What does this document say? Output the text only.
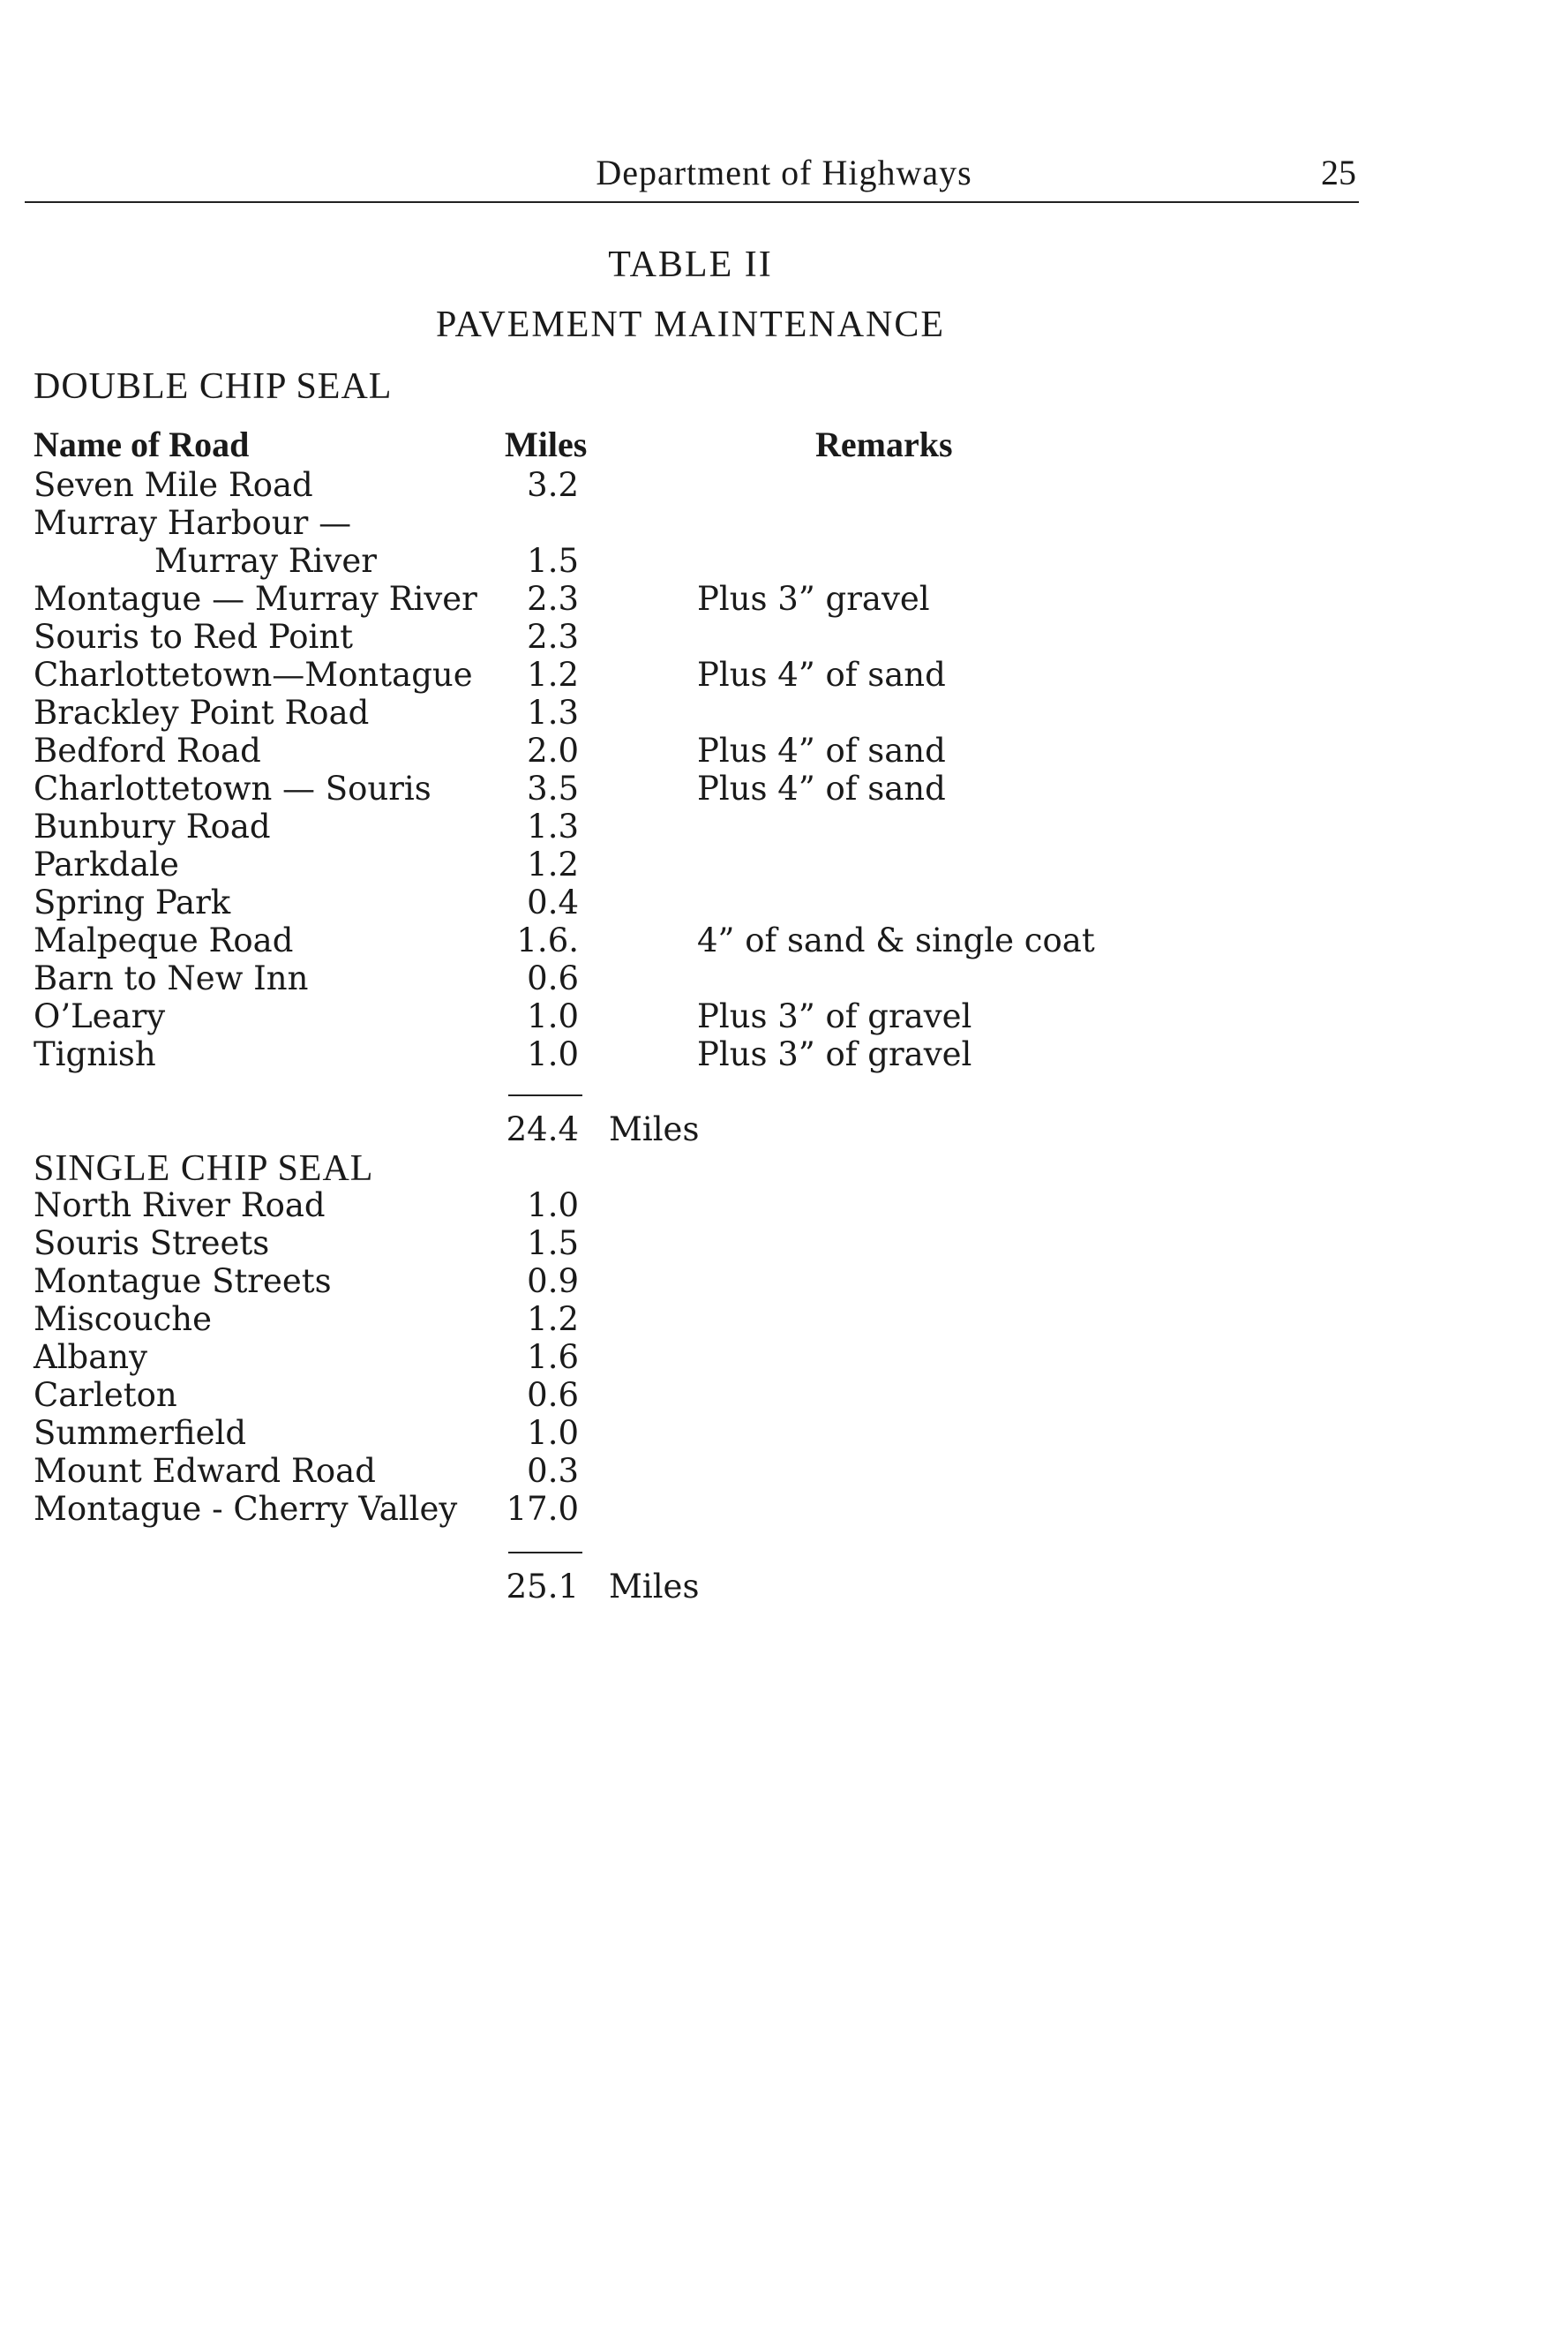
Department of Highways	25
TABLE II
PAVEMENT MAINTENANCE
DOUBLE CHIP SEAL
Name of Road	Miles	Remarks
Seven Mile Road	3.2
Murray Harbour —
Murray River	1.5
Montague — Murray River	2.3	Plus 3” gravel
Souris to Red Point	2.3
Charlottetown—Montague	1.2	Plus 4” of sand
Brackley Point Road	1.3
Bedford Road	2.0	Plus 4” of sand
Charlottetown — Souris	3.5	Plus 4” of sand
Bunbury Road	1.3
Parkdale	1.2
Spring Park	0.4
Malpeque Road	1.6.	4” of sand & single coat
Barn to New Inn	0.6
O’Leary	1.0	Plus 3” of gravel
Tignish	1.0	Plus 3” of gravel
24.4 Miles
SINGLE CHIP SEAL
North River Road	1.0
Souris Streets	1.5
Montague Streets	0.9
Miscouche	1.2
Albany	1.6
Carleton	0.6
Summerfield	1.0
Mount Edward Road	0.3
Montague - Cherry Valley	17.0
25.1 Miles
